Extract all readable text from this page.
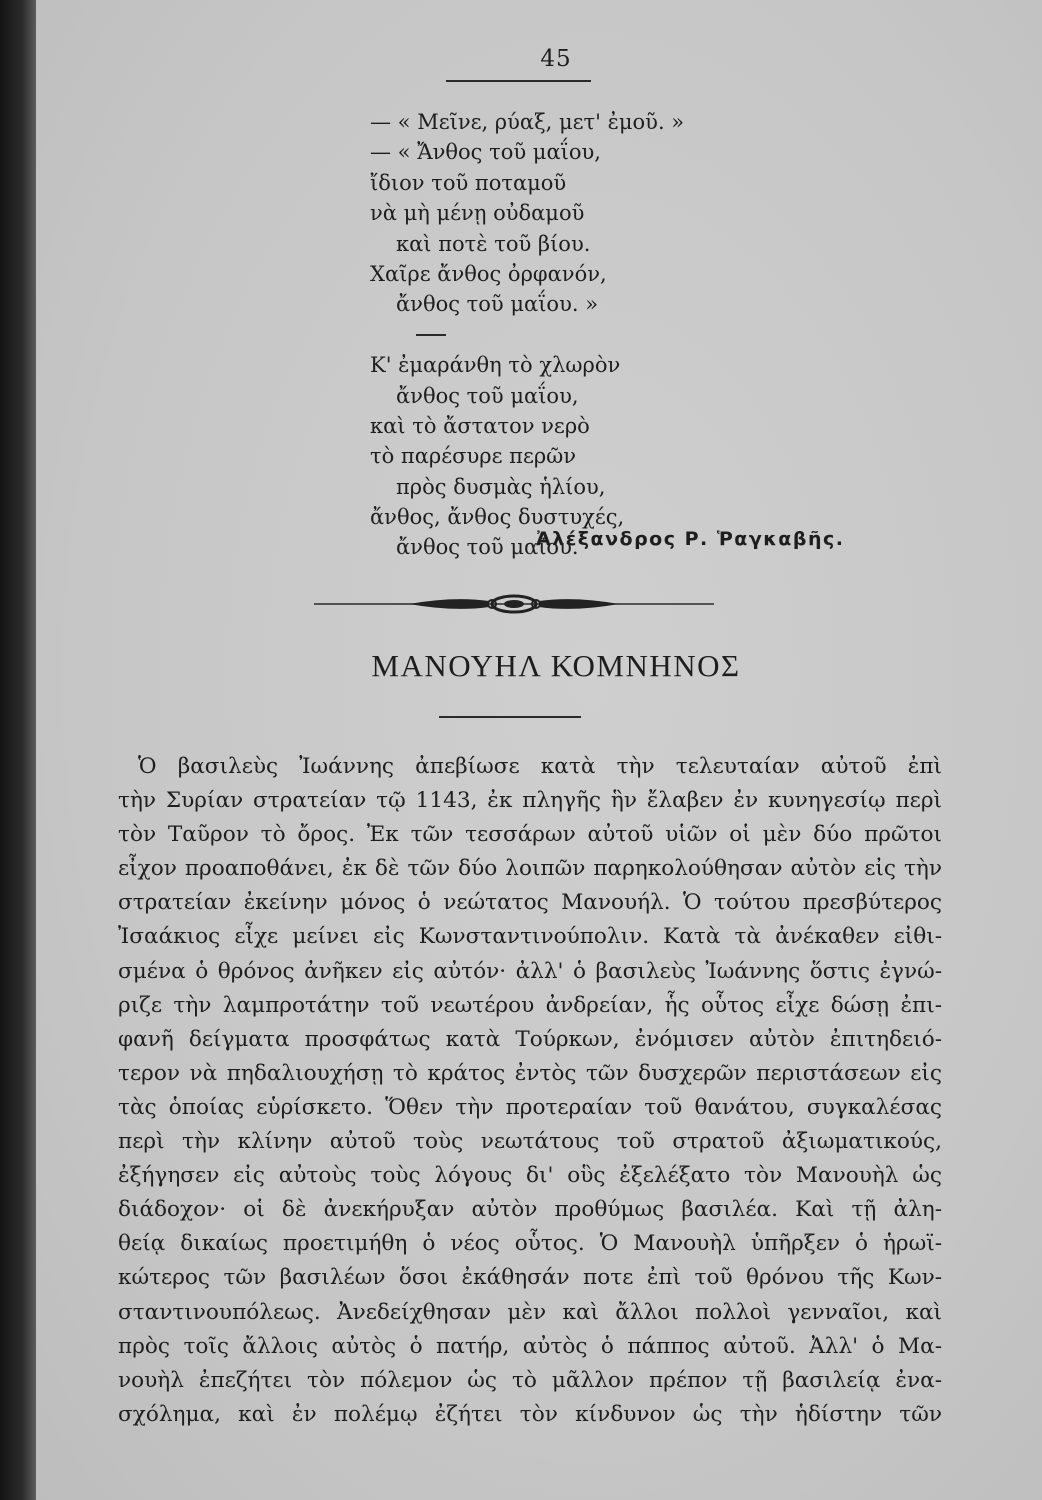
45
— « Μεῖνε, ρύαξ, μετ' ἐμοῦ. »
— « Ἄνθος τοῦ μαΐου,
ἴδιον τοῦ ποταμοῦ
νὰ μὴ μένῃ οὐδαμοῦ
καὶ ποτὲ τοῦ βίου.
Χαῖρε ἄνθος ὀρφανόν,
ἄνθος τοῦ μαΐου. »
Κ' ἐμαράνθη τὸ χλωρὸν
ἄνθος τοῦ μαΐου,
καὶ τὸ ἄστατον νερὸ
τὸ παρέσυρε περῶν
πρὸς δυσμὰς ἡλίου,
ἄνθος, ἄνθος δυστυχές,
ἄνθος τοῦ μαΐου.
Ἀλέξανδρος Ρ. Ῥαγκαβῆς.
ΜΑΝΟΥΗΛ ΚΟΜΝΗΝΟΣ
Ὁ βασιλεὺς Ἰωάννης ἀπεβίωσε κατὰ τὴν τελευταίαν αὐτοῦ ἐπὶ
τὴν Συρίαν στρατείαν τῷ 1143, ἐκ πληγῆς ἣν ἔλαβεν ἐν κυνηγεσίῳ περὶ
τὸν Ταῦρον τὸ ὄρος. Ἐκ τῶν τεσσάρων αὐτοῦ υἱῶν οἱ μὲν δύο πρῶτοι
εἶχον προαποθάνει, ἐκ δὲ τῶν δύο λοιπῶν παρηκολούθησαν αὐτὸν εἰς τὴν
στρατείαν ἐκείνην μόνος ὁ νεώτατος Μανουήλ. Ὁ τούτου πρεσβύτερος
Ἰσαάκιος εἶχε μείνει εἰς Κωνσταντινούπολιν. Κατὰ τὰ ἀνέκαθεν εἰθι-
σμένα ὁ θρόνος ἀνῆκεν εἰς αὐτόν· ἀλλ' ὁ βασιλεὺς Ἰωάννης ὅστις ἐγνώ-
ριζε τὴν λαμπροτάτην τοῦ νεωτέρου ἀνδρείαν, ἧς οὗτος εἶχε δώσῃ ἐπι-
φανῆ δείγματα προσφάτως κατὰ Τούρκων, ἐνόμισεν αὐτὸν ἐπιτηδειό-
τερον νὰ πηδαλιουχήσῃ τὸ κράτος ἐντὸς τῶν δυσχερῶν περιστάσεων εἰς
τὰς ὁποίας εὑρίσκετο. Ὅθεν τὴν προτεραίαν τοῦ θανάτου, συγκαλέσας
περὶ τὴν κλίνην αὐτοῦ τοὺς νεωτάτους τοῦ στρατοῦ ἀξιωματικούς,
ἐξήγησεν εἰς αὐτοὺς τοὺς λόγους δι' οὓς ἐξελέξατο τὸν Μανουὴλ ὡς
διάδοχον· οἱ δὲ ἀνεκήρυξαν αὐτὸν προθύμως βασιλέα. Καὶ τῇ ἀλη-
θείᾳ δικαίως προετιμήθη ὁ νέος οὗτος. Ὁ Μανουὴλ ὑπῆρξεν ὁ ἡρωϊ-
κώτερος τῶν βασιλέων ὅσοι ἐκάθησάν ποτε ἐπὶ τοῦ θρόνου τῆς Κων-
σταντινουπόλεως. Ἀνεδείχθησαν μὲν καὶ ἄλλοι πολλοὶ γενναῖοι, καὶ
πρὸς τοῖς ἄλλοις αὐτὸς ὁ πατήρ, αὐτὸς ὁ πάππος αὐτοῦ. Ἀλλ' ὁ Μα-
νουὴλ ἐπεζήτει τὸν πόλεμον ὡς τὸ μᾶλλον πρέπον τῇ βασιλείᾳ ἐνα-
σχόλημα, καὶ ἐν πολέμῳ ἐζήτει τὸν κίνδυνον ὡς τὴν ἡδίστην τῶν
